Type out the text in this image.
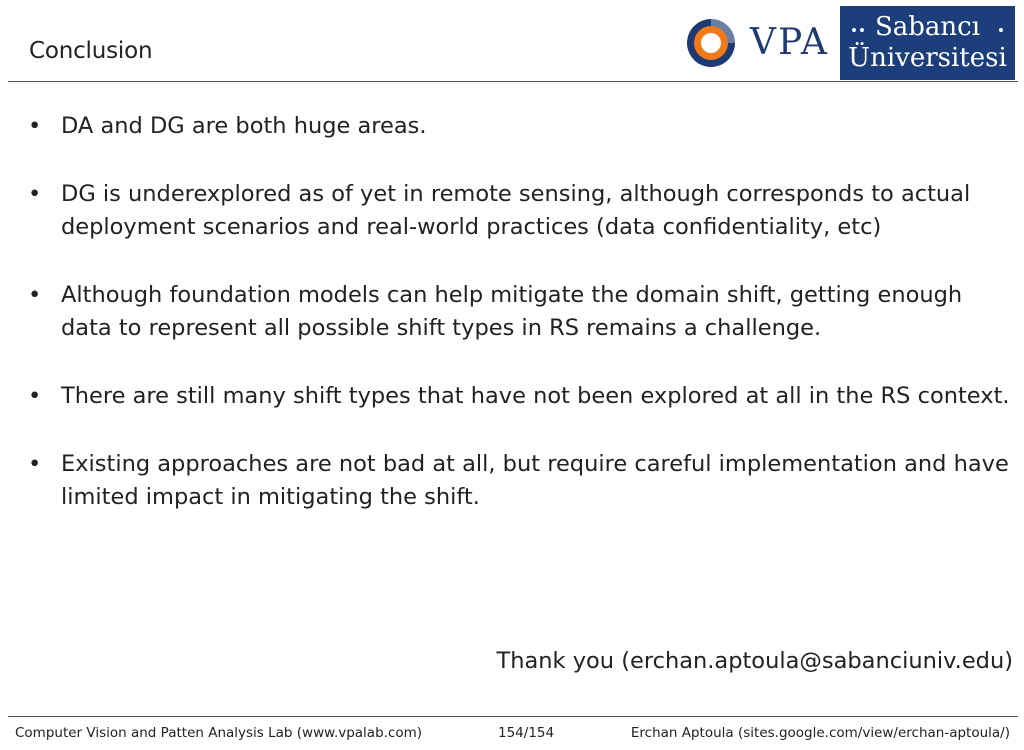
Conclusion	VPA	Sabancı
Üniversitesi
• DA and DG are both huge areas.
• DG is underexplored as of yet in remote sensing, although corresponds to actual deployment scenarios and real-world practices (data confidentiality, etc)
• Although foundation models can help mitigate the domain shift, getting enough data to represent all possible shift types in RS remains a challenge.
• There are still many shift types that have not been explored at all in the RS context.
• Existing approaches are not bad at all, but require careful implementation and have limited impact in mitigating the shift.
Thank you (erchan.aptoula@sabanciuniv.edu)
Computer Vision and Patten Analysis Lab (www.vpalab.com)	154/154	Erchan Aptoula (sites.google.com/view/erchan-aptoula/)
